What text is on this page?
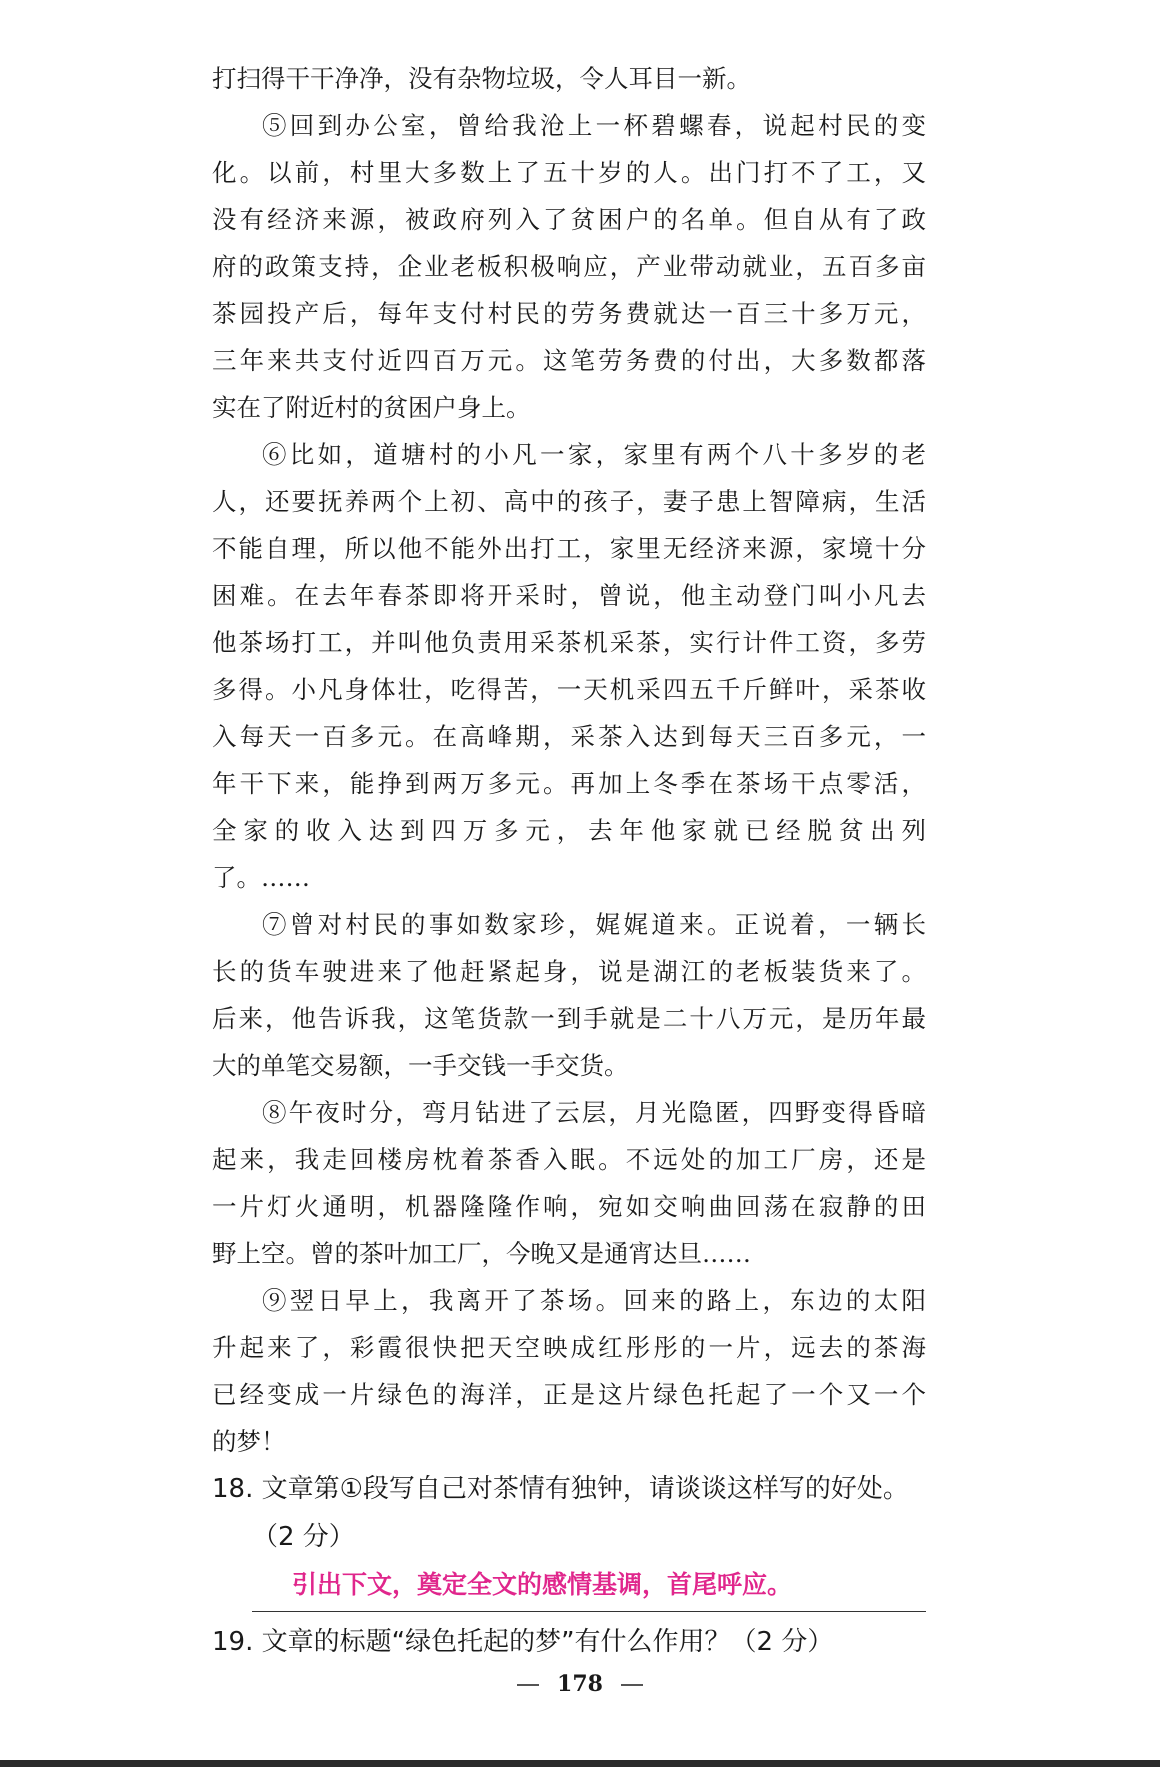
打扫得干干净净，没有杂物垃圾，令人耳目一新。
⑤回到办公室，曾给我沧上一杯碧螺春，说起村民的变
化。以前，村里大多数上了五十岁的人。出门打不了工，又
没有经济来源，被政府列入了贫困户的名单。但自从有了政
府的政策支持，企业老板积极响应，产业带动就业，五百多亩
茶园投产后，每年支付村民的劳务费就达一百三十多万元，
三年来共支付近四百万元。这笔劳务费的付出，大多数都落
实在了附近村的贫困户身上。
⑥比如，道塘村的小凡一家，家里有两个八十多岁的老
人，还要抚养两个上初、高中的孩子，妻子患上智障病，生活
不能自理，所以他不能外出打工，家里无经济来源，家境十分
困难。在去年春茶即将开采时，曾说，他主动登门叫小凡去
他茶场打工，并叫他负责用采茶机采茶，实行计件工资，多劳
多得。小凡身体壮，吃得苦，一天机采四五千斤鲜叶，采茶收
入每天一百多元。在高峰期，采茶入达到每天三百多元，一
年干下来，能挣到两万多元。再加上冬季在茶场干点零活，
全家的收入达到四万多元，去年他家就已经脱贫出列
了。……
⑦曾对村民的事如数家珍，娓娓道来。正说着，一辆长
长的货车驶进来了他赶紧起身，说是湖江的老板装货来了。
后来，他告诉我，这笔货款一到手就是二十八万元，是历年最
大的单笔交易额，一手交钱一手交货。
⑧午夜时分，弯月钻进了云层，月光隐匿，四野变得昏暗
起来，我走回楼房枕着茶香入眠。不远处的加工厂房，还是
一片灯火通明，机器隆隆作响，宛如交响曲回荡在寂静的田
野上空。曾的茶叶加工厂，今晚又是通宵达旦……
⑨翌日早上，我离开了茶场。回来的路上，东边的太阳
升起来了，彩霞很快把天空映成红彤彤的一片，远去的茶海
已经变成一片绿色的海洋，正是这片绿色托起了一个又一个
的梦！
18. 文章第①段写自己对茶情有独钟，请谈谈这样写的好处。
（2 分）
引出下文，奠定全文的感情基调，首尾呼应。
19. 文章的标题“绿色托起的梦”有什么作用？（2 分）
178
